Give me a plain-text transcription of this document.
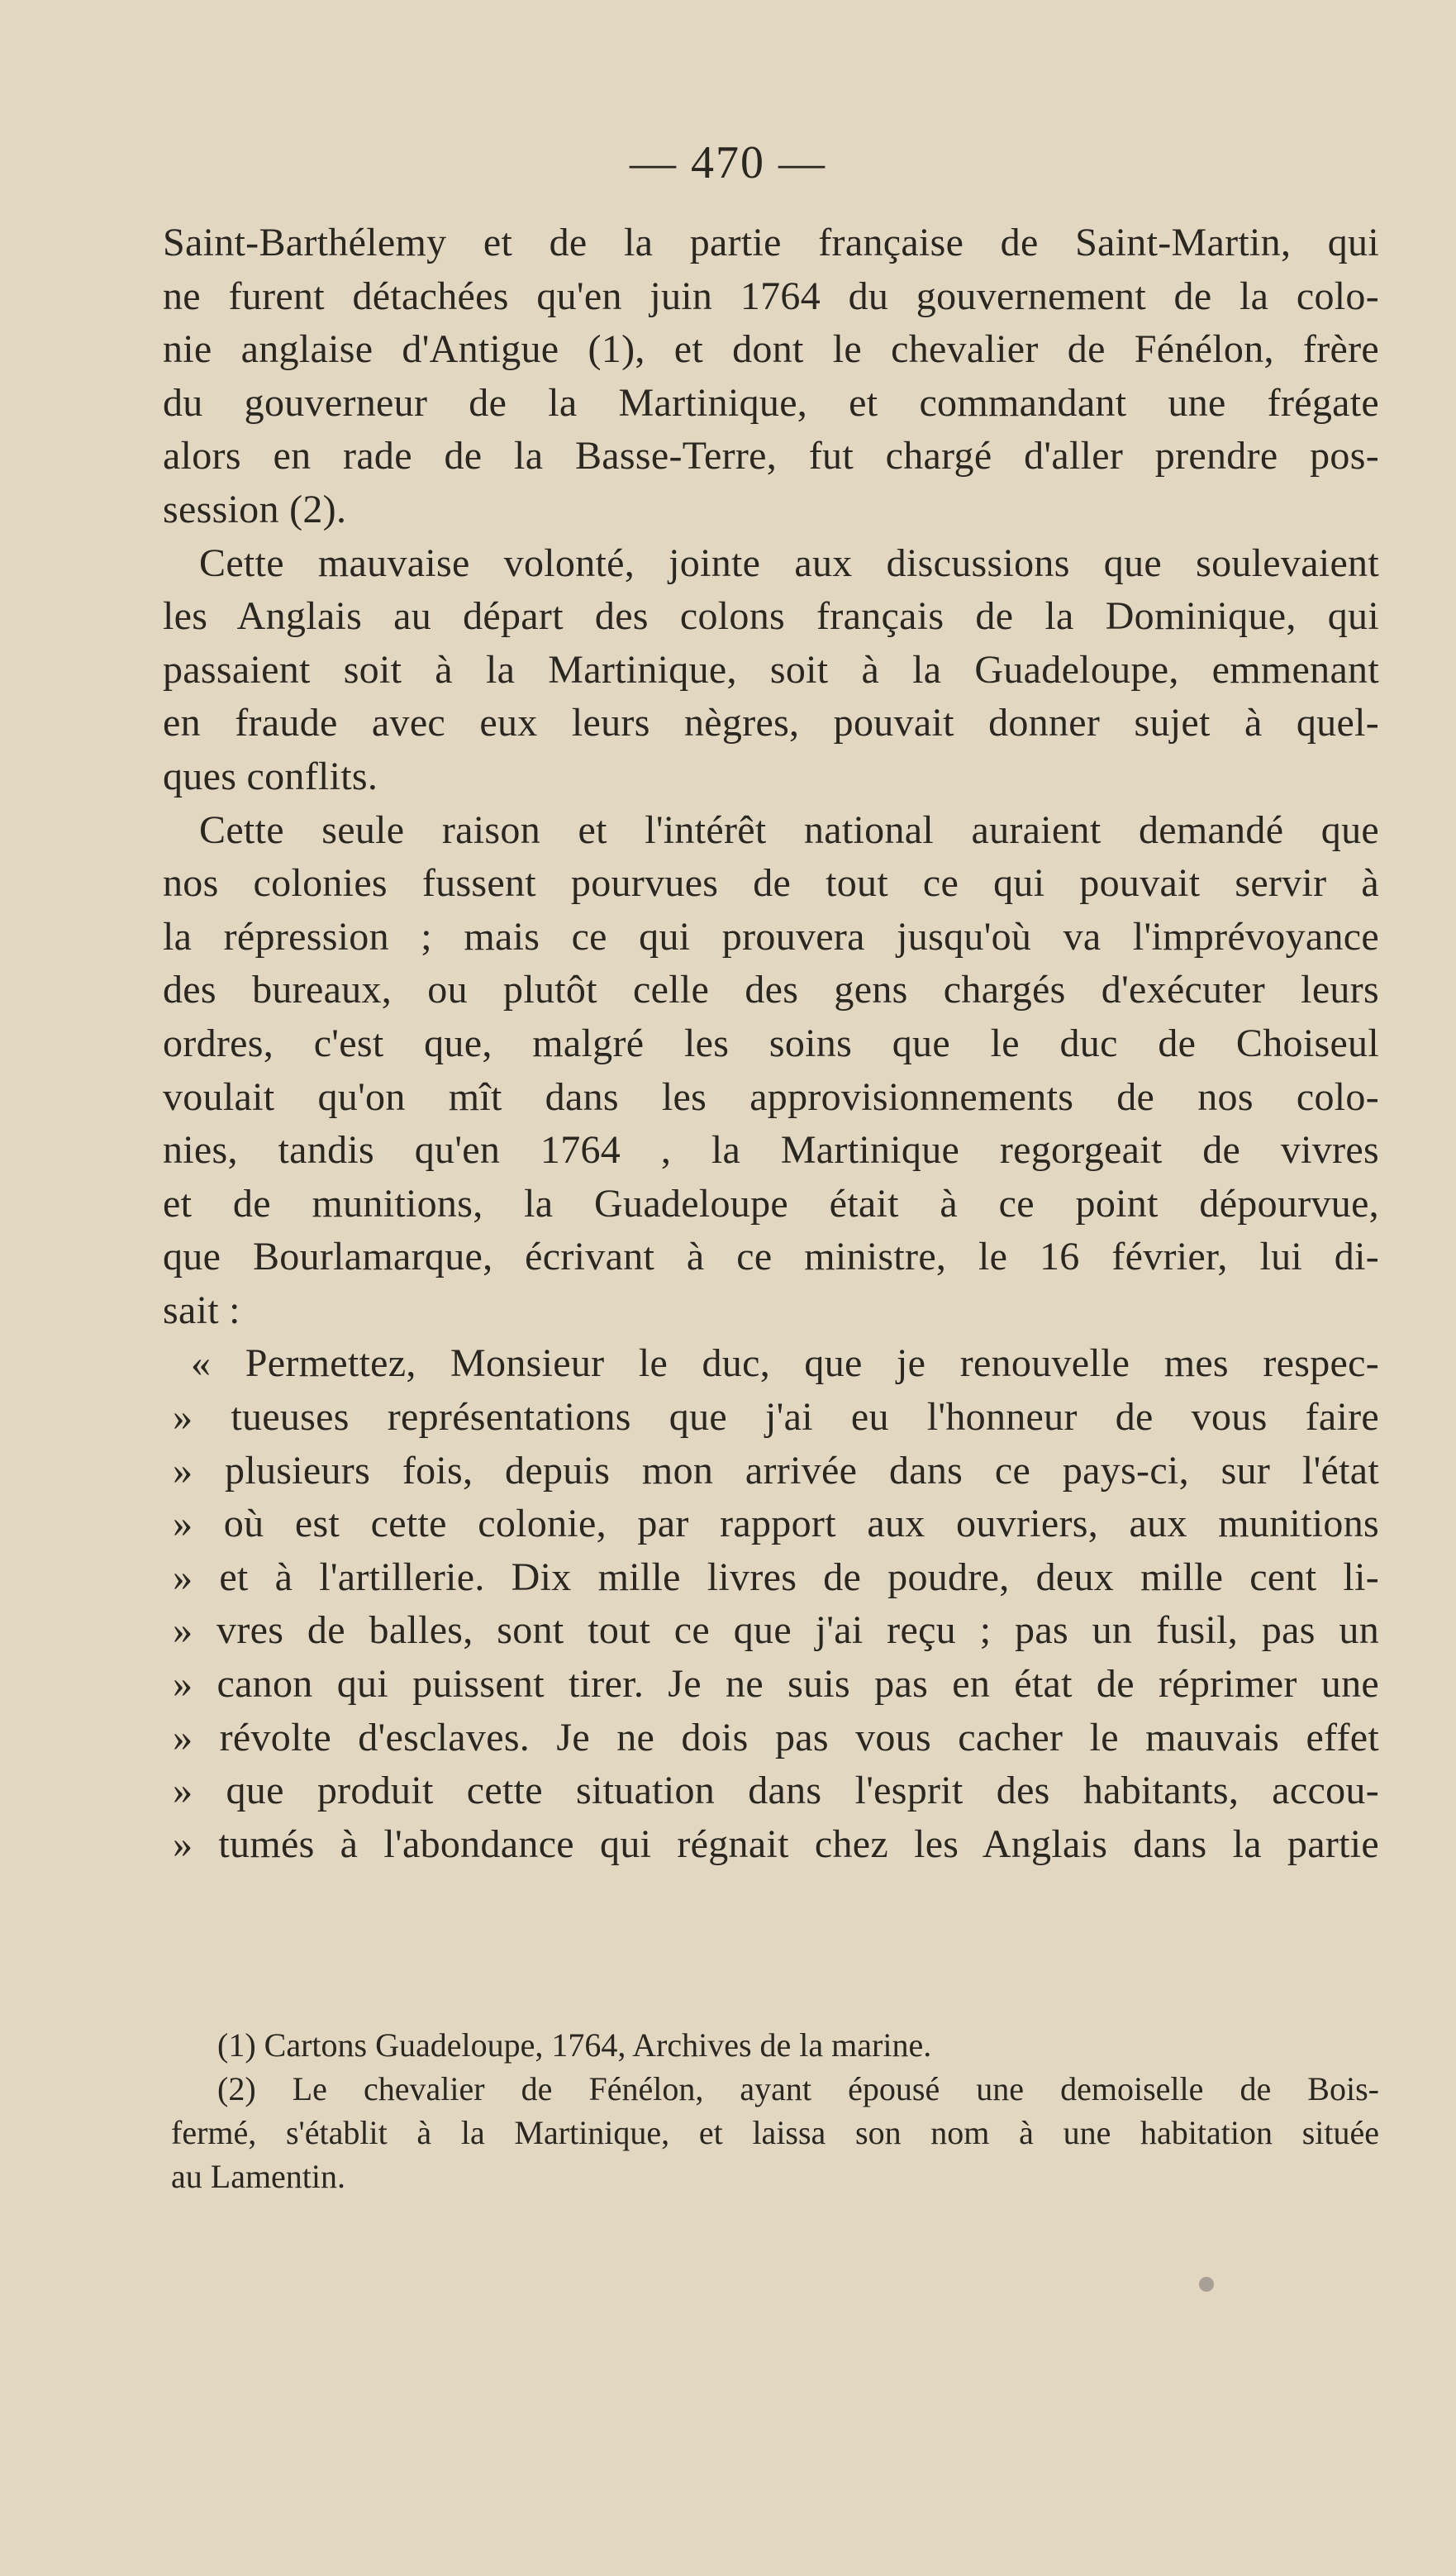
— 470 —
Saint-Barthélemy et de la partie française de Saint-Martin, qui
ne furent détachées qu'en juin 1764 du gouvernement de la colo-
nie anglaise d'Antigue (1), et dont le chevalier de Fénélon, frère
du gouverneur de la Martinique, et commandant une frégate
alors en rade de la Basse-Terre, fut chargé d'aller prendre pos-
session (2).
Cette mauvaise volonté, jointe aux discussions que soulevaient
les Anglais au départ des colons français de la Dominique, qui
passaient soit à la Martinique, soit à la Guadeloupe, emmenant
en fraude avec eux leurs nègres, pouvait donner sujet à quel-
ques conflits.
Cette seule raison et l'intérêt national auraient demandé que
nos colonies fussent pourvues de tout ce qui pouvait servir à
la répression ; mais ce qui prouvera jusqu'où va l'imprévoyance
des bureaux, ou plutôt celle des gens chargés d'exécuter leurs
ordres, c'est que, malgré les soins que le duc de Choiseul
voulait qu'on mît dans les approvisionnements de nos colo-
nies, tandis qu'en 1764 , la Martinique regorgeait de vivres
et de munitions, la Guadeloupe était à ce point dépourvue,
que Bourlamarque, écrivant à ce ministre, le 16 février, lui di-
sait :
« Permettez, Monsieur le duc, que je renouvelle mes respec-
» tueuses représentations que j'ai eu l'honneur de vous faire
» plusieurs fois, depuis mon arrivée dans ce pays-ci, sur l'état
» où est cette colonie, par rapport aux ouvriers, aux munitions
» et à l'artillerie. Dix mille livres de poudre, deux mille cent li-
» vres de balles, sont tout ce que j'ai reçu ; pas un fusil, pas un
» canon qui puissent tirer. Je ne suis pas en état de réprimer une
» révolte d'esclaves. Je ne dois pas vous cacher le mauvais effet
» que produit cette situation dans l'esprit des habitants, accou-
» tumés à l'abondance qui régnait chez les Anglais dans la partie
(1) Cartons Guadeloupe, 1764, Archives de la marine.
(2) Le chevalier de Fénélon, ayant épousé une demoiselle de Bois-
fermé, s'établit à la Martinique, et laissa son nom à une habitation située
au Lamentin.
